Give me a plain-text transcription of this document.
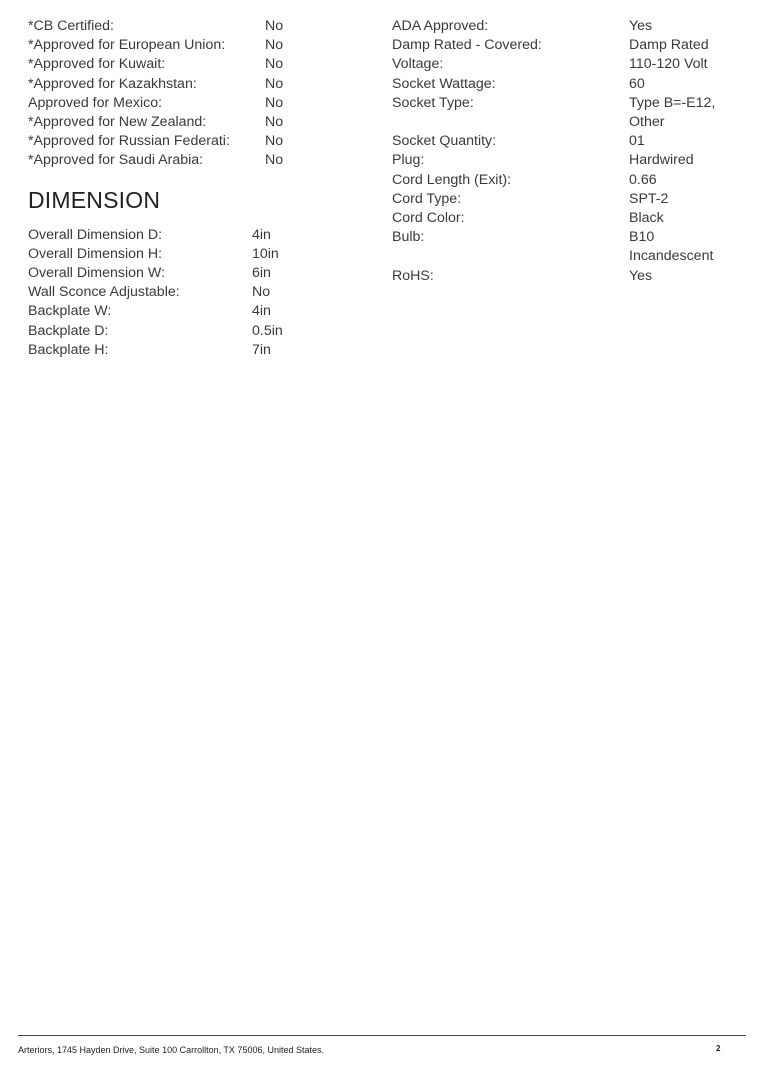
*CB Certified:	No
*Approved for European Union:	No
*Approved for Kuwait:	No
*Approved for Kazakhstan:	No
Approved for Mexico:	No
*Approved for New Zealand:	No
*Approved for Russian Federati:	No
*Approved for Saudi Arabia:	No
DIMENSION
Overall Dimension D:	4in
Overall Dimension H:	10in
Overall Dimension W:	6in
Wall Sconce Adjustable:	No
Backplate W:	4in
Backplate D:	0.5in
Backplate H:	7in
ADA Approved:	Yes
Damp Rated - Covered:	Damp Rated
Voltage:	110-120 Volt
Socket Wattage:	60
Socket Type:	Type B=-E12,
Other
Socket Quantity:	01
Plug:	Hardwired
Cord Length (Exit):	0.66
Cord Type:	SPT-2
Cord Color:	Black
Bulb:	B10
Incandescent
RoHS:	Yes
Arteriors, 1745 Hayden Drive, Suite 100 Carrollton, TX 75006, United States.	2
